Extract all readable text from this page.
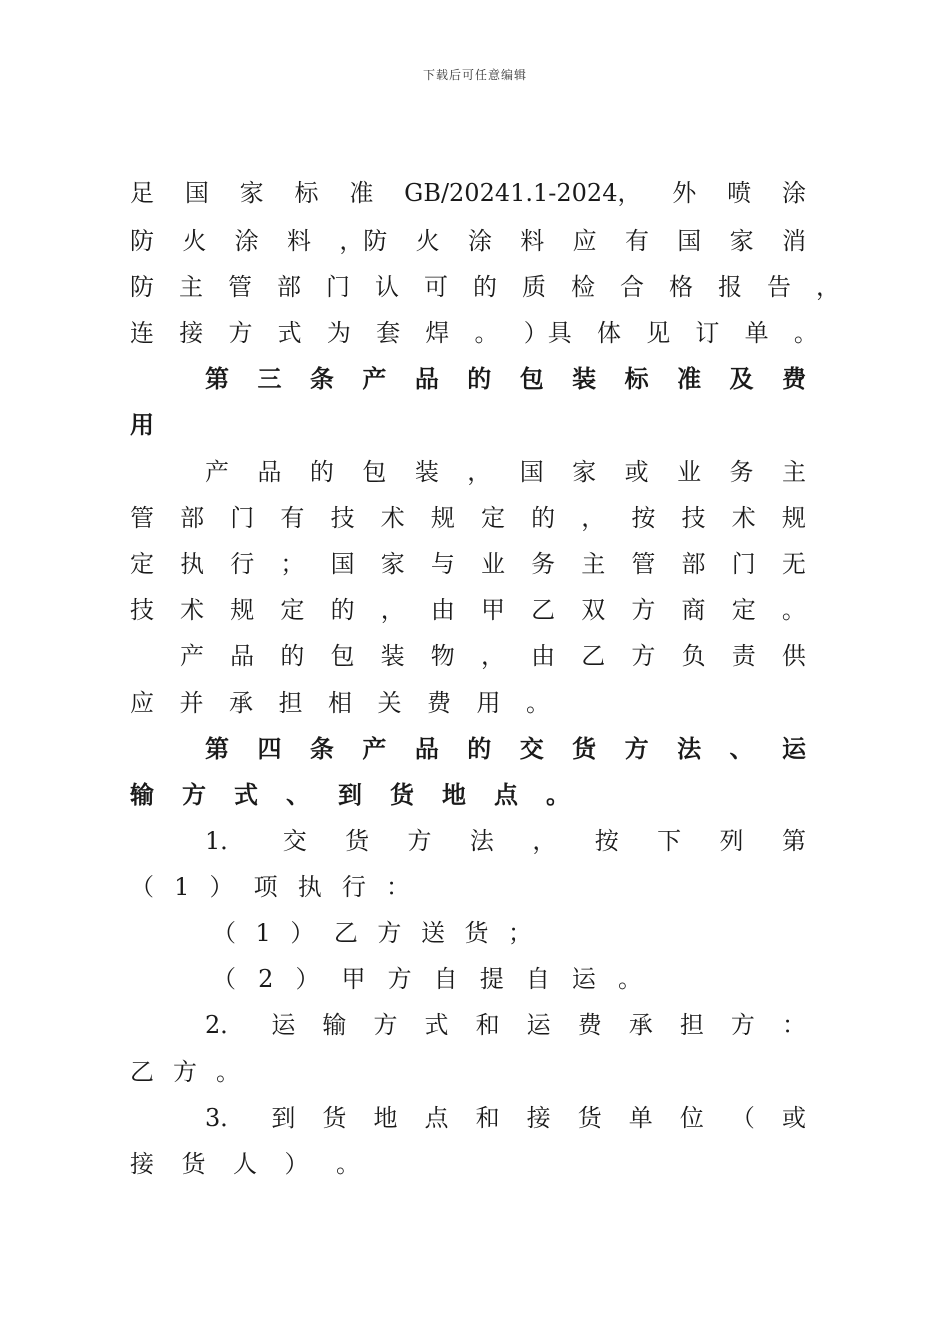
下载后可任意编辑
足 国 家 标 准 GB/20241.1-2024， 外 喷 涂
防 火 涂 料 ，防 火 涂 料 应 有 国 家 消
防 主 管 部 门 认 可 的 质 检 合 格 报 告 ，
连 接 方 式 为 套 焊 。 ）具 体 见 订 单 。
第 三 条 产 品 的 包 装 标 准 及 费
用
产 品 的 包 装 ， 国 家 或 业 务 主
管 部 门 有 技 术 规 定 的 ， 按 技 术 规
定 执 行 ； 国 家 与 业 务 主 管 部 门 无
技 术 规 定 的 ， 由 甲 乙 双 方 商 定 。
产 品 的 包 装 物 ， 由 乙 方 负 责 供
应 并 承 担 相 关 费 用 。
第 四 条 产 品 的 交 货 方 法 、 运
输 方 式 、 到 货 地 点 。
1． 交 货 方 法 ， 按 下 列 第
（ 1 ） 项 执 行 ：
（ 1 ） 乙 方 送 货 ；
（ 2 ） 甲 方 自 提 自 运 。
2． 运 输 方 式 和 运 费 承 担 方 ：
乙 方 。
3． 到 货 地 点 和 接 货 单 位 （ 或
接 货 人 ） 。
